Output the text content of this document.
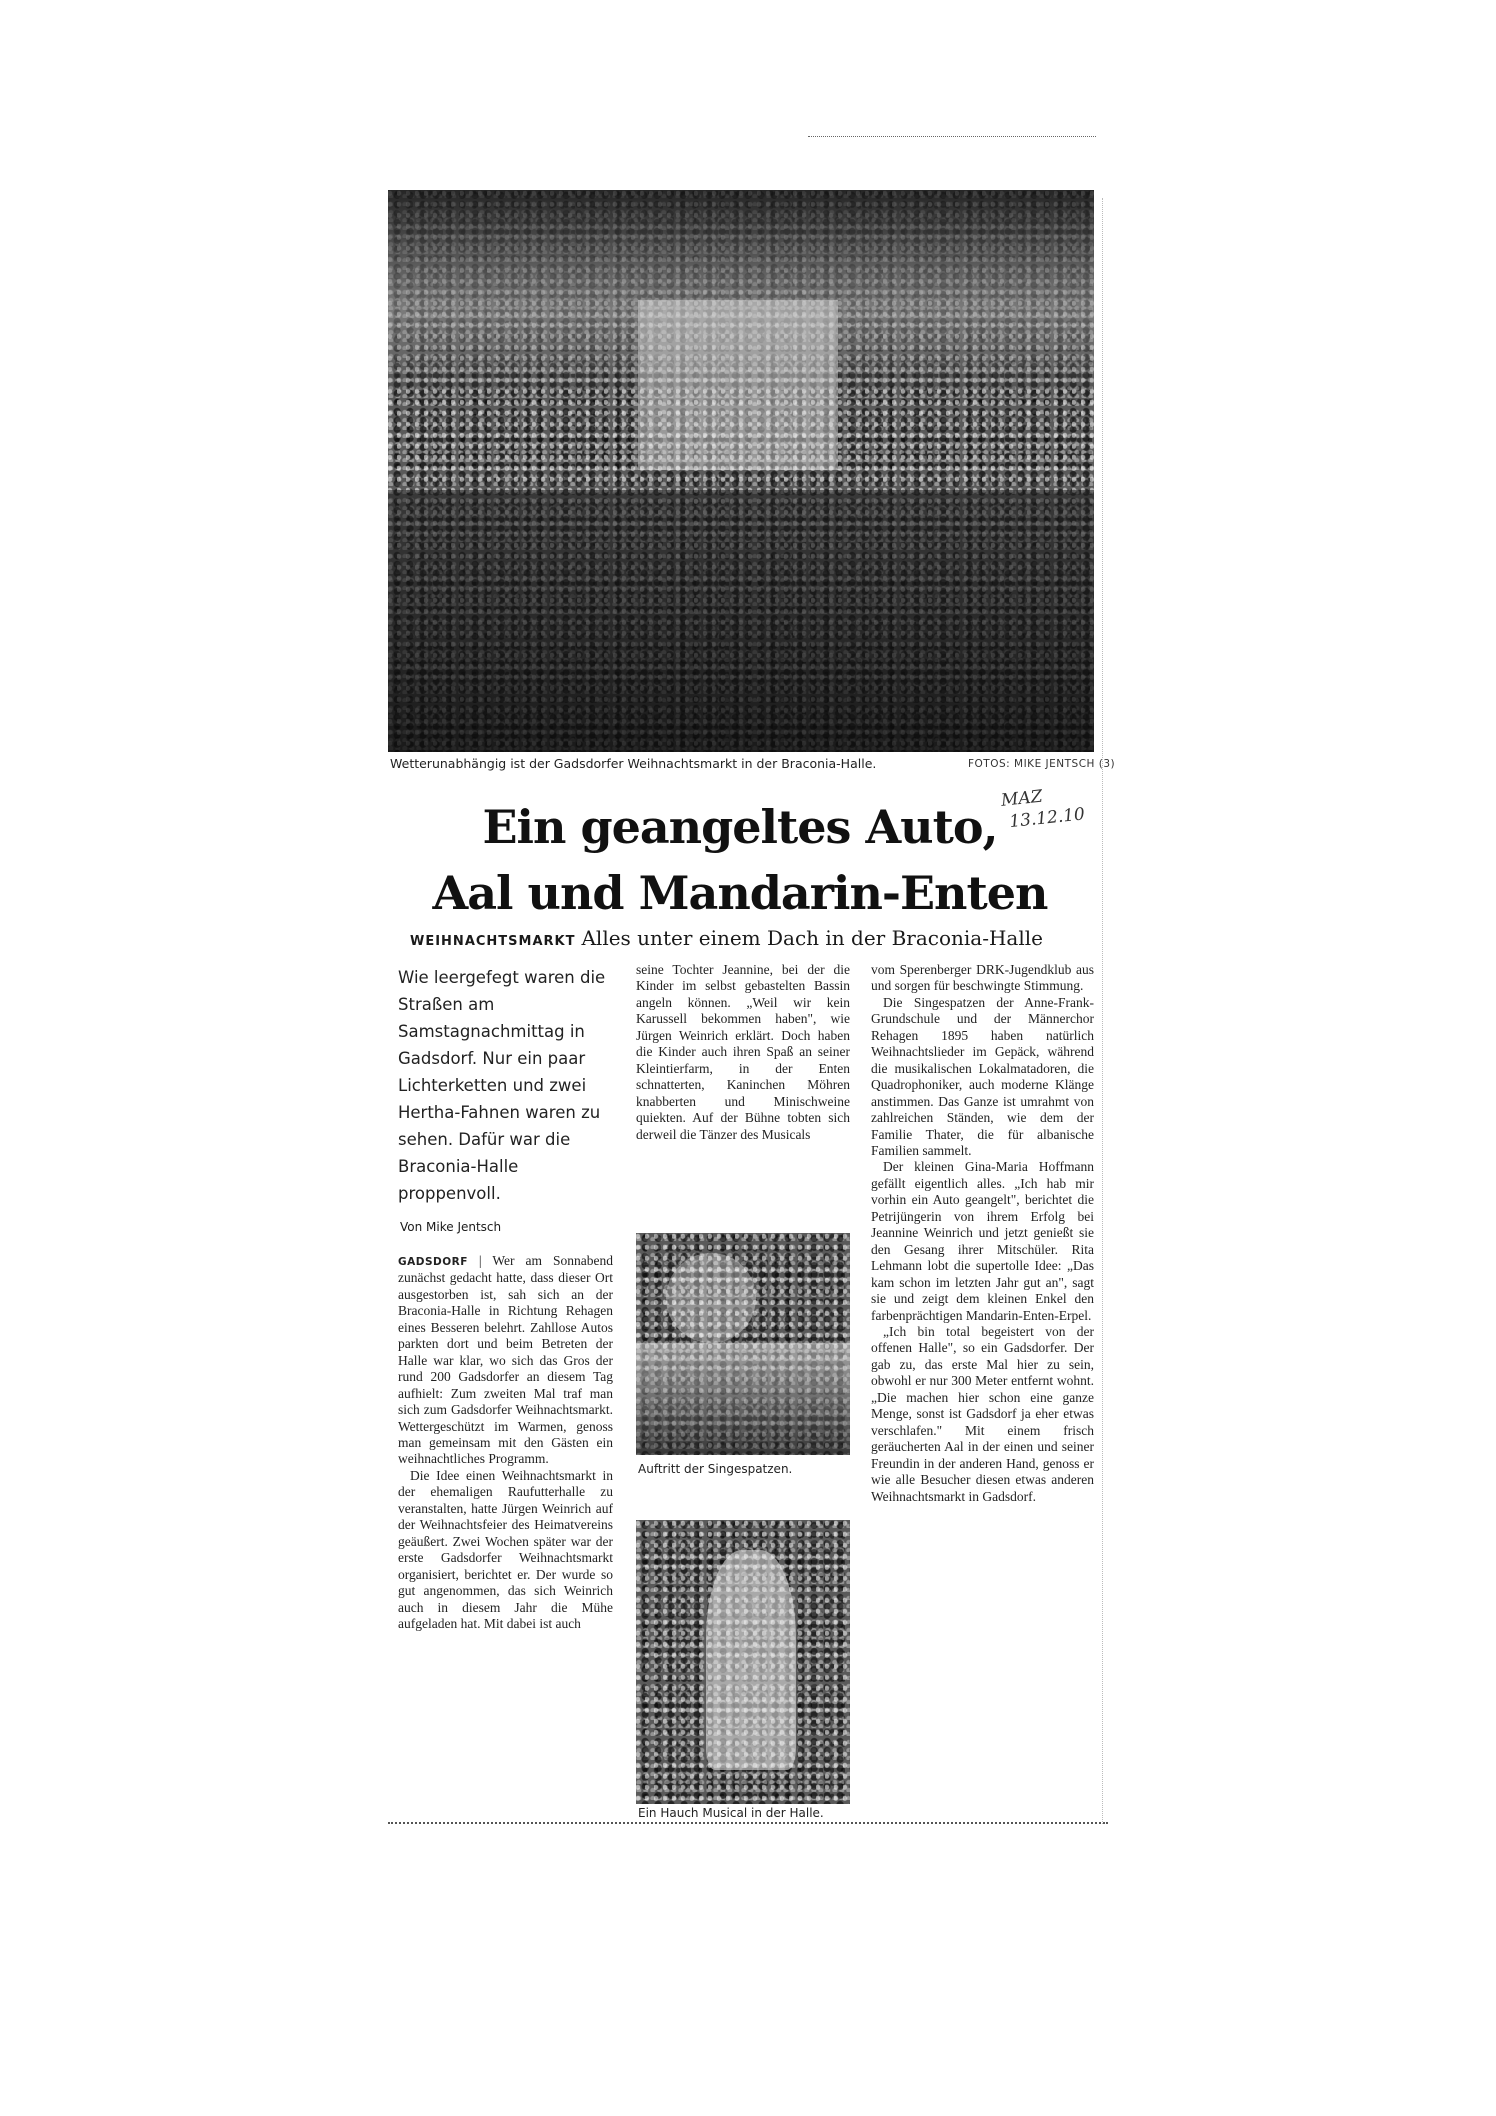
Wetterunabhängig ist der Gadsdorfer Weihnachtsmarkt in der Braconia-Halle.	FOTOS: MIKE JENTSCH (3)
MAZ
13.12.10
Ein geangeltes Auto,
Aal und Mandarin-Enten
WEIHNACHTSMARKT Alles unter einem Dach in der Braconia-Halle

Wie leergefegt waren die Straßen am Samstagnachmittag in Gadsdorf. Nur ein paar Lichterketten und zwei Hertha-Fahnen waren zu sehen. Dafür war die Braconia-Halle proppenvoll.

Von Mike Jentsch

GADSDORF | Wer am Sonnabend zunächst gedacht hatte, dass dieser Ort ausgestorben ist, sah sich an der Braconia-Halle in Richtung Rehagen eines Besseren belehrt. Zahllose Autos parkten dort und beim Betreten der Halle war klar, wo sich das Gros der rund 200 Gadsdorfer an diesem Tag aufhielt: Zum zweiten Mal traf man sich zum Gadsdorfer Weihnachtsmarkt. Wettergeschützt im Warmen, genoss man gemeinsam mit den Gästen ein weihnachtliches Programm.

Die Idee einen Weihnachtsmarkt in der ehemaligen Raufutterhalle zu veranstalten, hatte Jürgen Weinrich auf der Weihnachtsfeier des Heimatvereins geäußert. Zwei Wochen später war der erste Gadsdorfer Weihnachtsmarkt organisiert, berichtet er. Der wurde so gut angenommen, das sich Weinrich auch in diesem Jahr die Mühe aufgeladen hat. Mit dabei ist auch

seine Tochter Jeannine, bei der die Kinder im selbst gebastelten Bassin angeln können. „Weil wir kein Karussell bekommen haben", wie Jürgen Weinrich erklärt. Doch haben die Kinder auch ihren Spaß an seiner Kleintierfarm, in der Enten schnatterten, Kaninchen Möhren knabberten und Minischweine quiekten. Auf der Bühne tobten sich derweil die Tänzer des Musicals

Auftritt der Singespatzen.
Ein Hauch Musical in der Halle.

vom Sperenberger DRK-Jugendklub aus und sorgen für beschwingte Stimmung.

Die Singespatzen der Anne-Frank-Grundschule und der Männerchor Rehagen 1895 haben natürlich Weihnachtslieder im Gepäck, während die musikalischen Lokalmatadoren, die Quadrophoniker, auch moderne Klänge anstimmen. Das Ganze ist umrahmt von zahlreichen Ständen, wie dem der Familie Thater, die für albanische Familien sammelt.

Der kleinen Gina-Maria Hoffmann gefällt eigentlich alles. „Ich hab mir vorhin ein Auto geangelt", berichtet die Petrijüngerin von ihrem Erfolg bei Jeannine Weinrich und jetzt genießt sie den Gesang ihrer Mitschüler. Rita Lehmann lobt die supertolle Idee: „Das kam schon im letzten Jahr gut an", sagt sie und zeigt dem kleinen Enkel den farbenprächtigen Mandarin-Enten-Erpel.

„Ich bin total begeistert von der offenen Halle", so ein Gadsdorfer. Der gab zu, das erste Mal hier zu sein, obwohl er nur 300 Meter entfernt wohnt. „Die machen hier schon eine ganze Menge, sonst ist Gadsdorf ja eher etwas verschlafen." Mit einem frisch geräucherten Aal in der einen und seiner Freundin in der anderen Hand, genoss er wie alle Besucher diesen etwas anderen Weihnachtsmarkt in Gadsdorf.
